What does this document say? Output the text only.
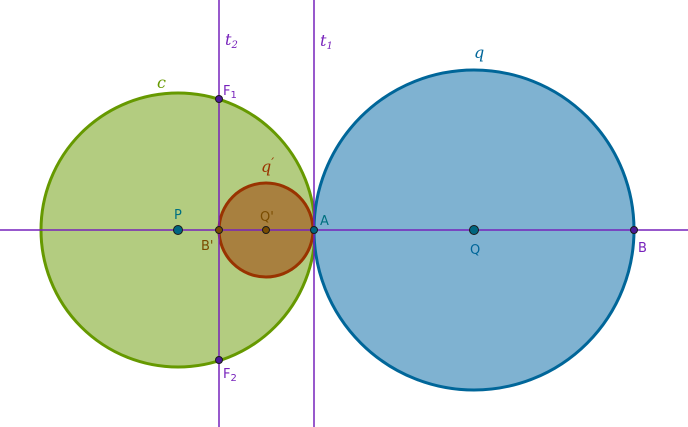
c
q
q′
t2	t1
P
Q
Q'	A
B
B'
$F_1$
$F_2$
